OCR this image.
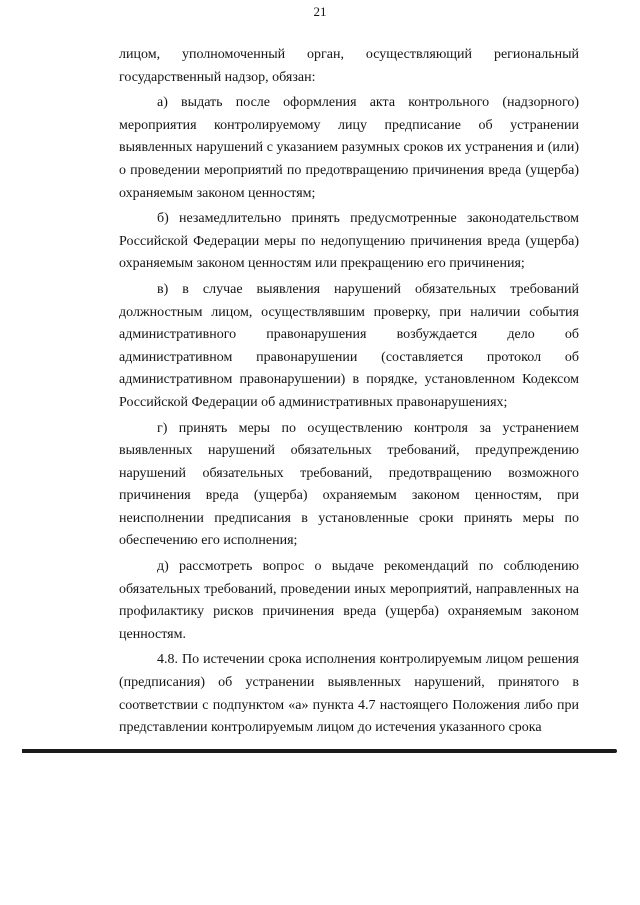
21

лицом, уполномоченный орган, осуществляющий региональный государственный надзор, обязан:

а) выдать после оформления акта контрольного (надзорного) мероприятия контролируемому лицу предписание об устранении выявленных нарушений с указанием разумных сроков их устранения и (или) о проведении мероприятий по предотвращению причинения вреда (ущерба) охраняемым законом ценностям;

б) незамедлительно принять предусмотренные законодательством Российской Федерации меры по недопущению причинения вреда (ущерба) охраняемым законом ценностям или прекращению его причинения;

в) в случае выявления нарушений обязательных требований должностным лицом, осуществлявшим проверку, при наличии события административного правонарушения возбуждается дело об административном правонарушении (составляется протокол об административном правонарушении) в порядке, установленном Кодексом Российской Федерации об административных правонарушениях;

г) принять меры по осуществлению контроля за устранением выявленных нарушений обязательных требований, предупреждению нарушений обязательных требований, предотвращению возможного причинения вреда (ущерба) охраняемым законом ценностям, при неисполнении предписания в установленные сроки принять меры по обеспечению его исполнения;

д) рассмотреть вопрос о выдаче рекомендаций по соблюдению обязательных требований, проведении иных мероприятий, направленных на профилактику рисков причинения вреда (ущерба) охраняемым законом ценностям.

4.8. По истечении срока исполнения контролируемым лицом решения (предписания) об устранении выявленных нарушений, принятого в соответствии с подпунктом «а» пункта 4.7 настоящего Положения либо при представлении контролируемым лицом до истечения указанного срока
